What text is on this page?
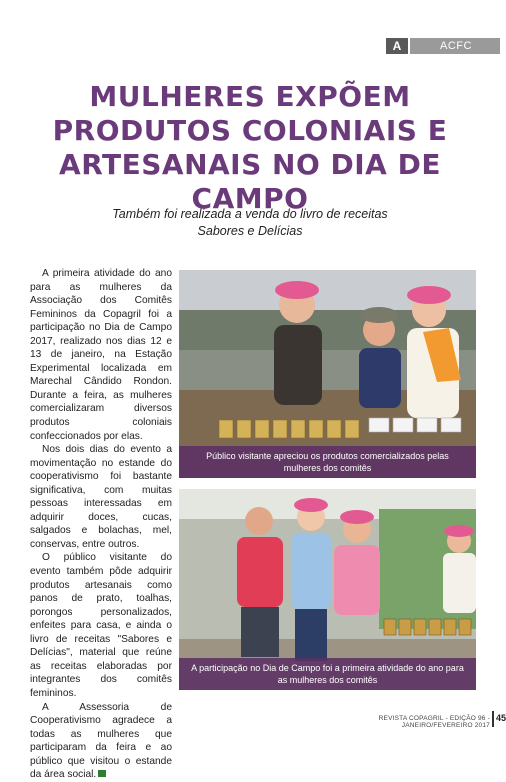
A	ACFC
MULHERES EXPÕEM PRODUTOS COLONIAIS E ARTESANAIS NO DIA DE CAMPO
Também foi realizada a venda do livro de receitas Sabores e Delícias

A primeira atividade do ano para as mulheres da Associação dos Comitês Femininos da Copagril foi a participação no Dia de Campo 2017, realizado nos dias 12 e 13 de janeiro, na Estação Experimental localizada em Marechal Cândido Rondon. Durante a feira, as mulheres comercializaram diversos produtos coloniais confeccionados por elas.

Nos dois dias do evento a movimentação no estande do cooperativismo foi bastante significativa, com muitas pessoas interessadas em adquirir doces, cucas, salgados e bolachas, mel, conservas, entre outros.

O público visitante do evento também pôde adquirir produtos artesanais como panos de prato, toalhas, porongos personalizados, enfeites para casa, e ainda o livro de receitas "Sabores e Delícias", material que reúne as receitas elaboradas por integrantes dos comitês femininos.

A Assessoria de Cooperativismo agradece a todas as mulheres que participaram da feira e ao público que visitou o estande da área social.

Público visitante apreciou os produtos comercializados pelas mulheres dos comitês
A participação no Dia de Campo foi a primeira atividade do ano para as mulheres dos comitês
REVISTA COPAGRIL - EDIÇÃO 96 - JANEIRO/FEVEREIRO 2017
45
